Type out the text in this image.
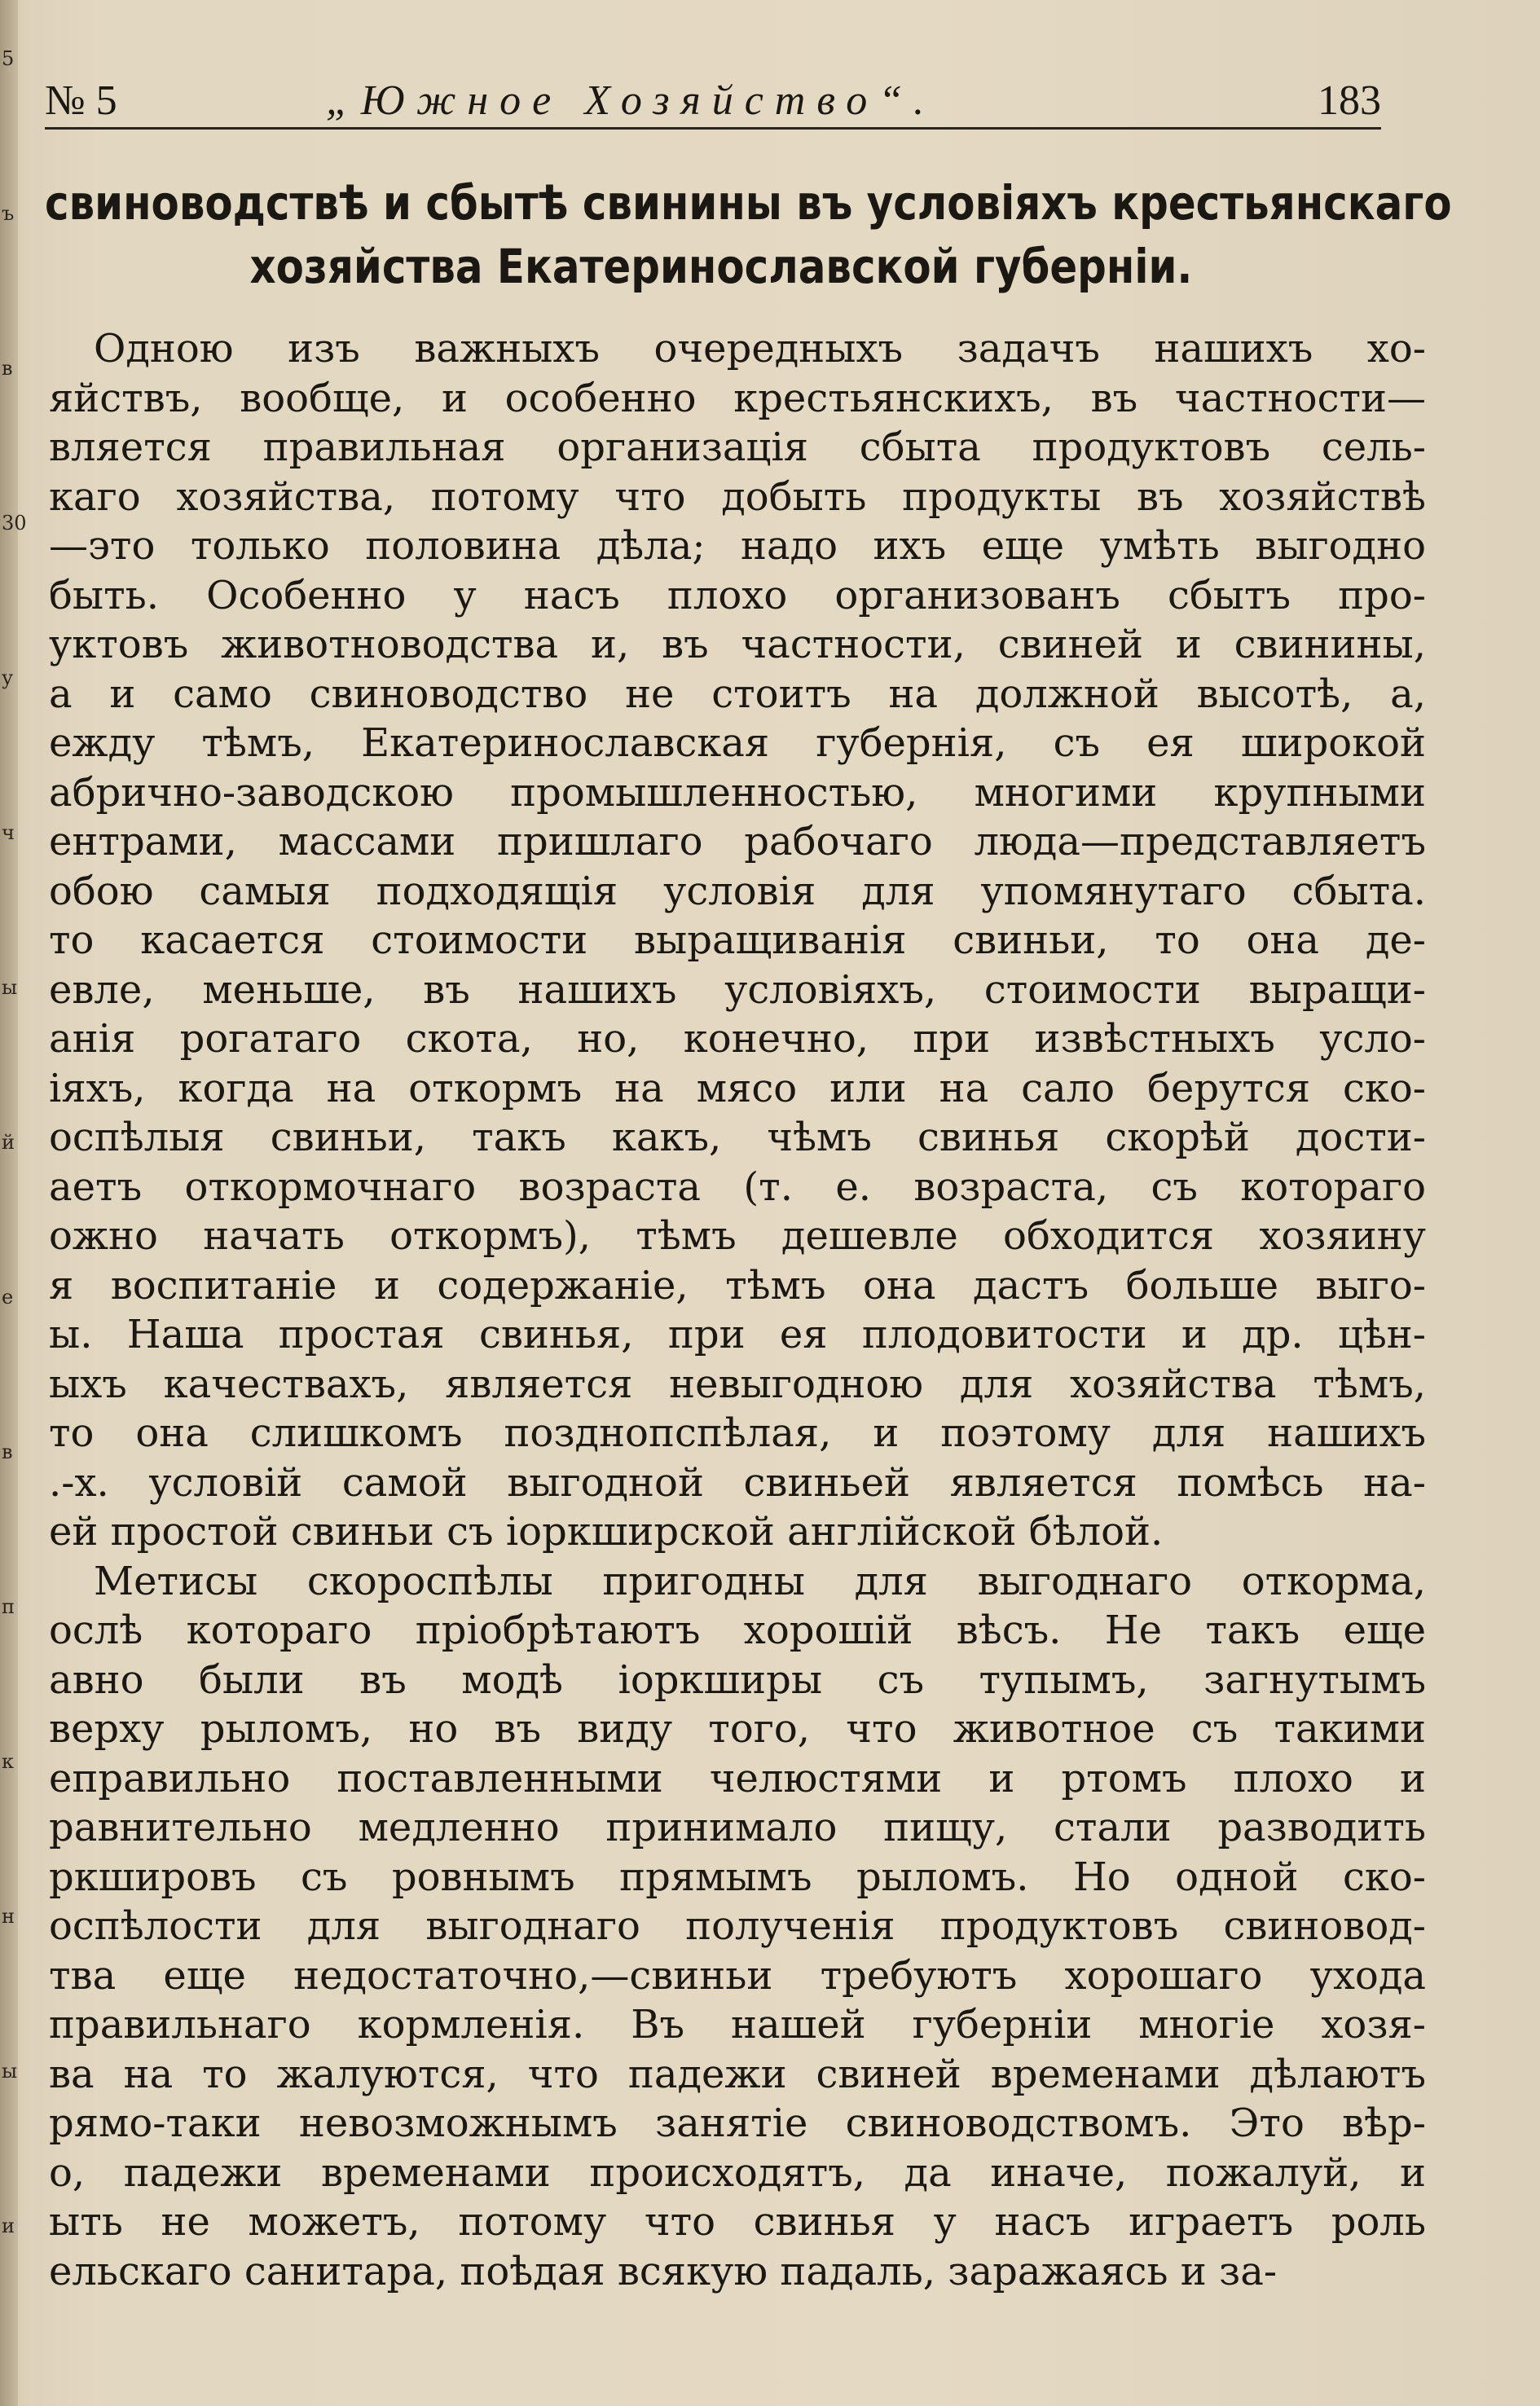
5
ъ
в
30
у
ч
ы
й
е
в
п
к
н
ы
и
№ 5	„Южное Хозяйство“.	183
свиноводствѣ и сбытѣ свинины въ условіяхъ крестьянскаго
хозяйства Екатеринославской губерніи.
Одною изъ важныхъ очередныхъ задачъ нашихъ хо-
яйствъ, вообще, и особенно крестьянскихъ, въ частности—
вляется правильная организація сбыта продуктовъ сель-
каго хозяйства, потому что добыть продукты въ хозяйствѣ
—это только половина дѣла; надо ихъ еще умѣть выгодно
быть. Особенно у насъ плохо организованъ сбытъ про-
уктовъ животноводства и, въ частности, свиней и свинины,
а и само свиноводство не стоитъ на должной высотѣ, а,
ежду тѣмъ, Екатеринославская губернія, съ ея широкой
абрично-заводскою промышленностью, многими крупными
ентрами, массами пришлаго рабочаго люда—представляетъ
обою самыя подходящія условія для упомянутаго сбыта.
то касается стоимости выращиванія свиньи, то она де-
евле, меньше, въ нашихъ условіяхъ, стоимости выращи-
анія рогатаго скота, но, конечно, при извѣстныхъ усло-
іяхъ, когда на откормъ на мясо или на сало берутся ско-
оспѣлыя свиньи, такъ какъ, чѣмъ свинья скорѣй дости-
аетъ откормочнаго возраста (т. е. возраста, съ котораго
ожно начать откормъ), тѣмъ дешевле обходится хозяину
я воспитаніе и содержаніе, тѣмъ она дастъ больше выго-
ы. Наша простая свинья, при ея плодовитости и др. цѣн-
ыхъ качествахъ, является невыгодною для хозяйства тѣмъ,
то она слишкомъ позднопспѣлая, и поэтому для нашихъ
.-х. условій самой выгодной свиньей является помѣсь на-
ей простой свиньи съ іоркширской англійской бѣлой.
Метисы скороспѣлы пригодны для выгоднаго откорма,
ослѣ котораго пріобрѣтаютъ хорошій вѣсъ. Не такъ еще
авно были въ модѣ іоркширы съ тупымъ, загнутымъ
верху рыломъ, но въ виду того, что животное съ такими
еправильно поставленными челюстями и ртомъ плохо и
равнительно медленно принимало пищу, стали разводить
ркшировъ съ ровнымъ прямымъ рыломъ. Но одной ско-
оспѣлости для выгоднаго полученія продуктовъ свиновод-
тва еще недостаточно,—свиньи требуютъ хорошаго ухода
правильнаго кормленія. Въ нашей губерніи многіе хозя-
ва на то жалуются, что падежи свиней временами дѣлаютъ
рямо-таки невозможнымъ занятіе свиноводствомъ. Это вѣр-
о, падежи временами происходятъ, да иначе, пожалуй, и
ыть не можетъ, потому что свинья у насъ играетъ роль
ельскаго санитара, поѣдая всякую падаль, заражаясь и за-
